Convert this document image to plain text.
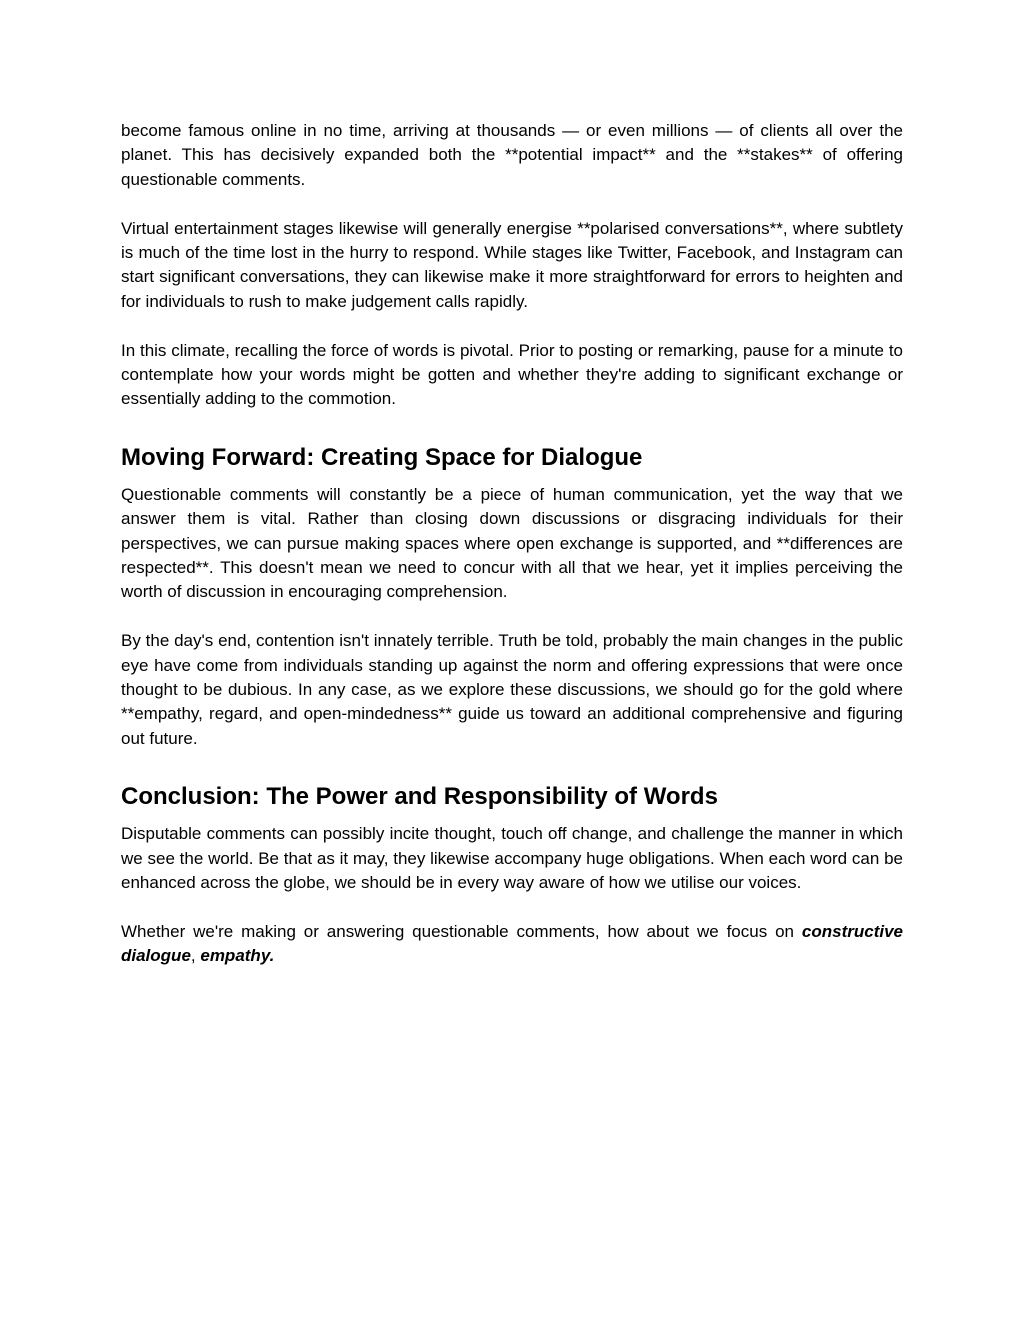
become famous online in no time, arriving at thousands — or even millions — of clients all over the planet. This has decisively expanded both the **potential impact** and the **stakes** of offering questionable comments.

Virtual entertainment stages likewise will generally energise **polarised conversations**, where subtlety is much of the time lost in the hurry to respond. While stages like Twitter, Facebook, and Instagram can start significant conversations, they can likewise make it more straightforward for errors to heighten and for individuals to rush to make judgement calls rapidly.

In this climate, recalling the force of words is pivotal. Prior to posting or remarking, pause for a minute to contemplate how your words might be gotten and whether they're adding to significant exchange or essentially adding to the commotion.

Moving Forward: Creating Space for Dialogue

Questionable comments will constantly be a piece of human communication, yet the way that we answer them is vital. Rather than closing down discussions or disgracing individuals for their perspectives, we can pursue making spaces where open exchange is supported, and **differences are respected**. This doesn't mean we need to concur with all that we hear, yet it implies perceiving the worth of discussion in encouraging comprehension.

By the day's end, contention isn't innately terrible. Truth be told, probably the main changes in the public eye have come from individuals standing up against the norm and offering expressions that were once thought to be dubious. In any case, as we explore these discussions, we should go for the gold where **empathy, regard, and open-mindedness** guide us toward an additional comprehensive and figuring out future.

Conclusion: The Power and Responsibility of Words

Disputable comments can possibly incite thought, touch off change, and challenge the manner in which we see the world. Be that as it may, they likewise accompany huge obligations. When each word can be enhanced across the globe, we should be in every way aware of how we utilise our voices.

Whether we're making or answering questionable comments, how about we focus on constructive dialogue, empathy.
